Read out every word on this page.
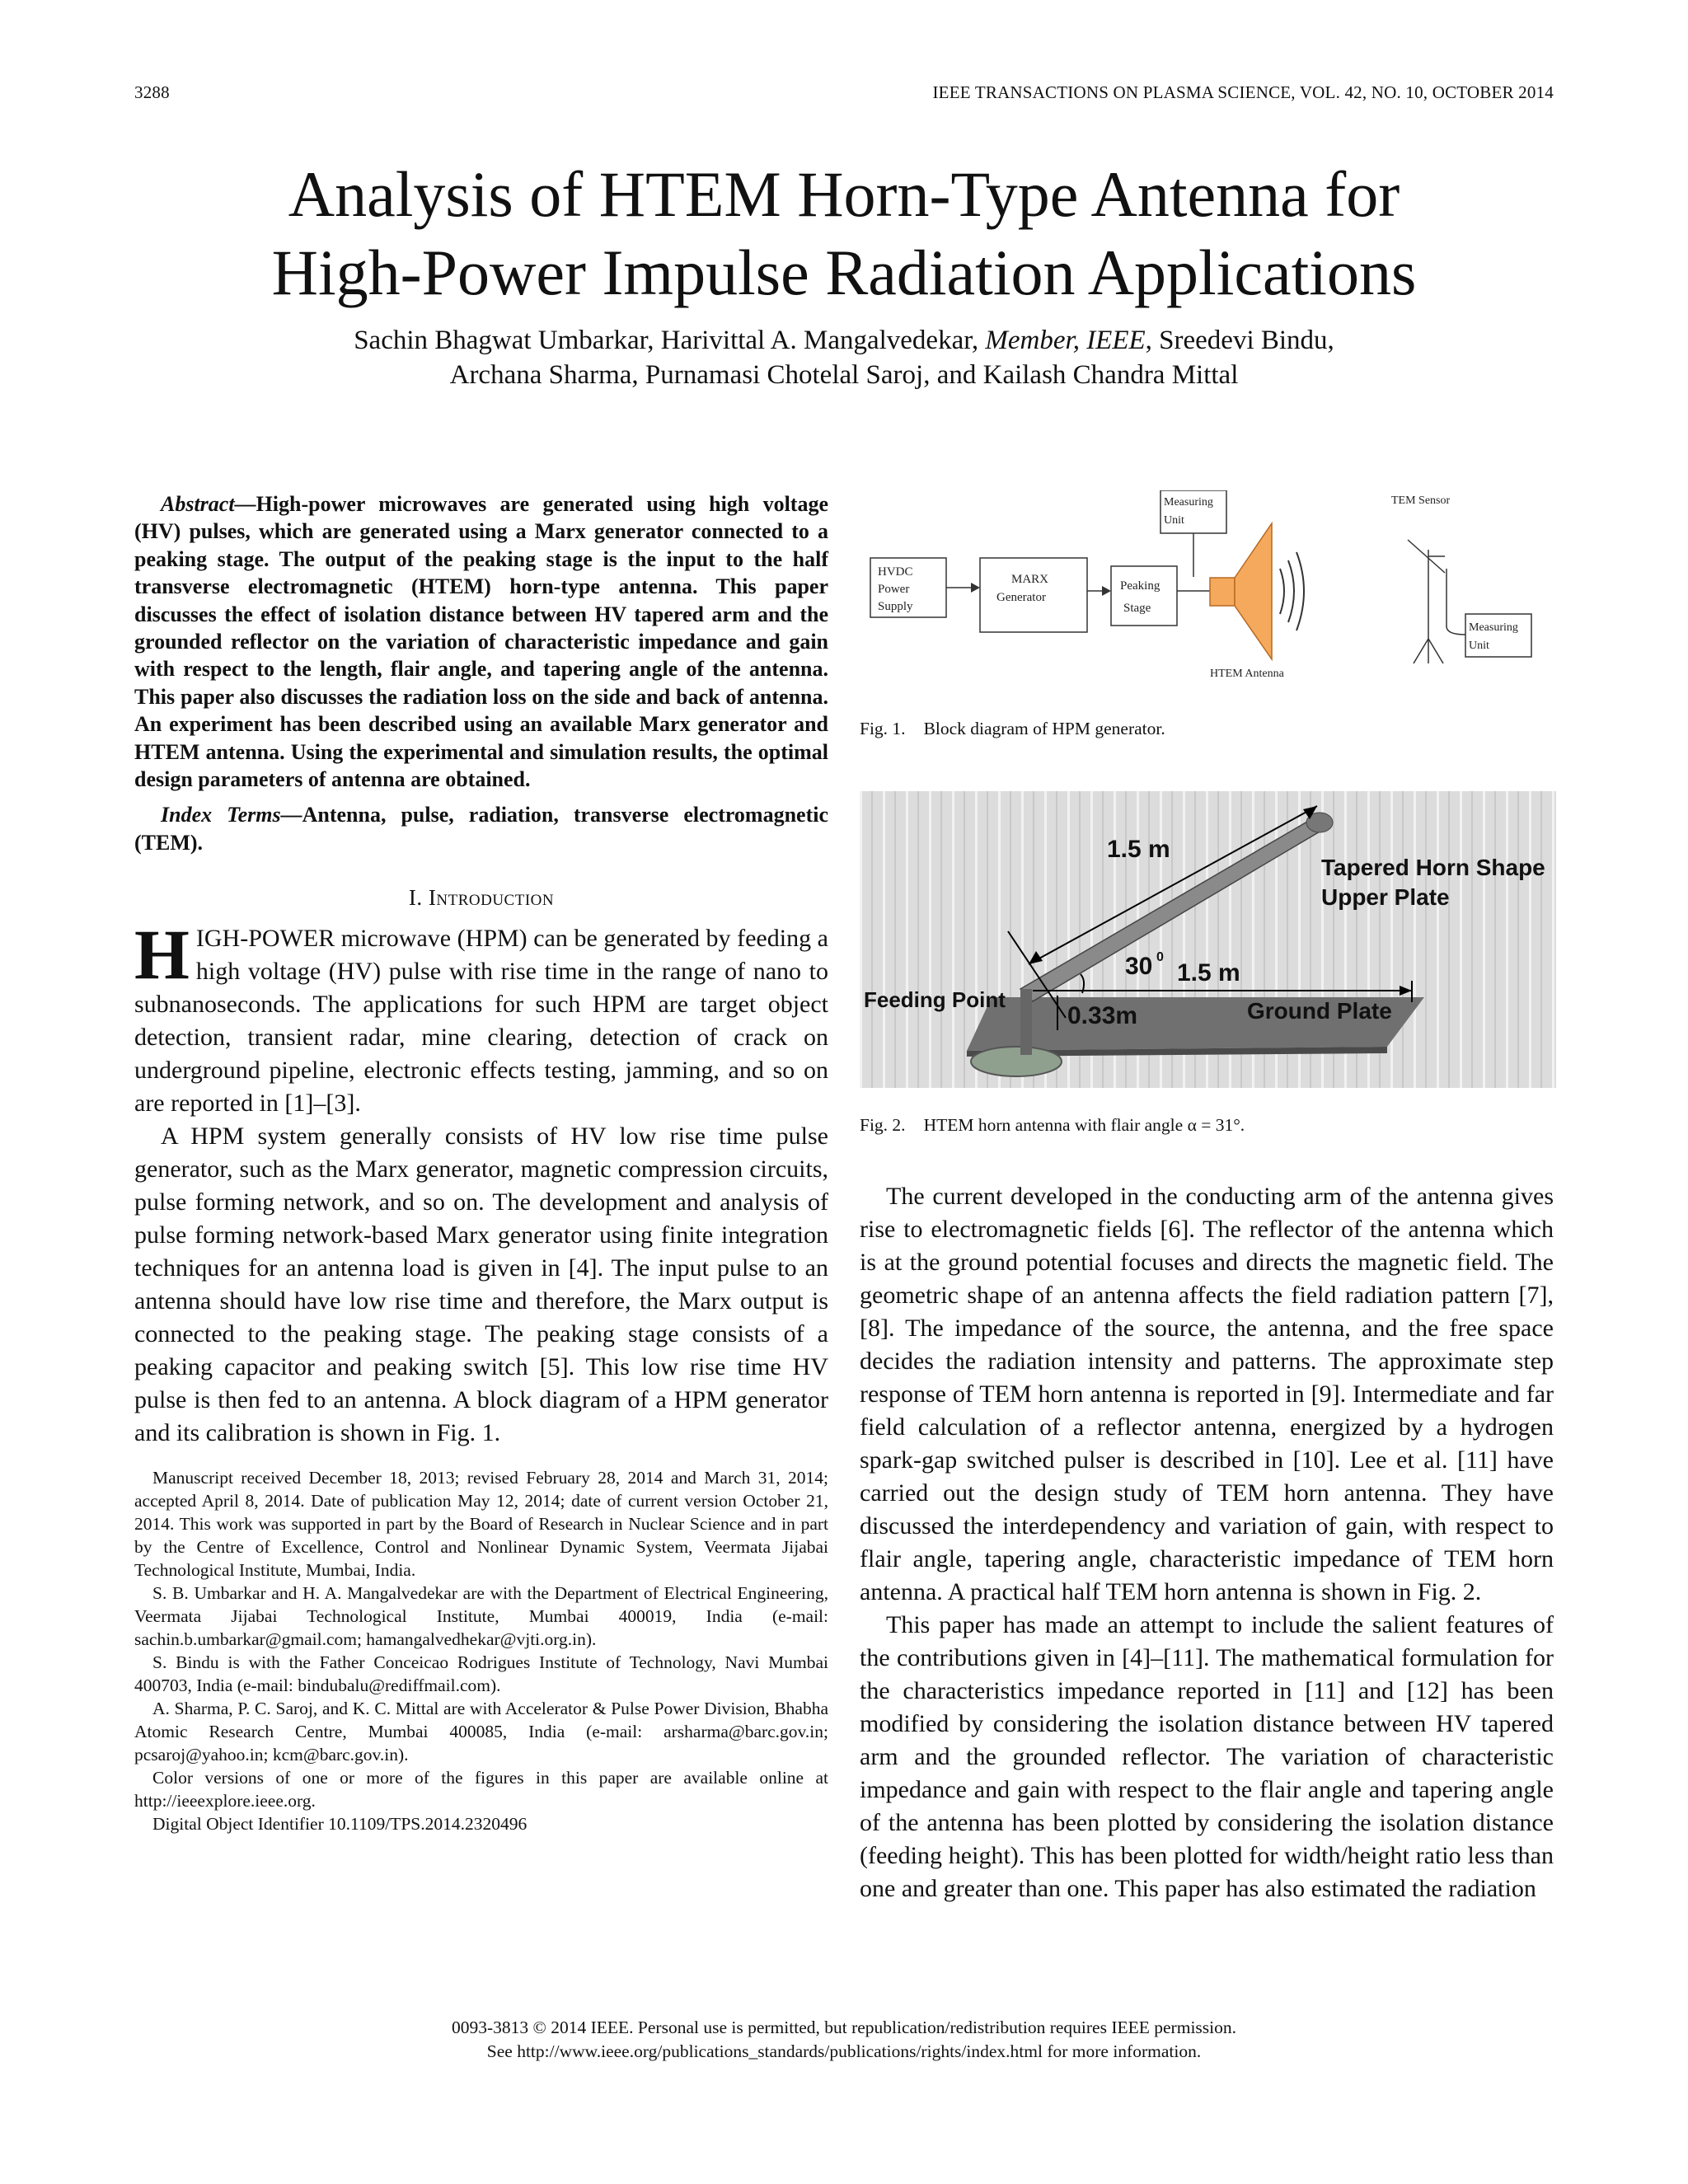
3288	IEEE TRANSACTIONS ON PLASMA SCIENCE, VOL. 42, NO. 10, OCTOBER 2014
Analysis of HTEM Horn-Type Antenna for
High-Power Impulse Radiation Applications
Sachin Bhagwat Umbarkar, Harivittal A. Mangalvedekar, Member, IEEE, Sreedevi Bindu,
Archana Sharma, Purnamasi Chotelal Saroj, and Kailash Chandra Mittal

Abstract—High-power microwaves are generated using high voltage (HV) pulses, which are generated using a Marx generator connected to a peaking stage. The output of the peaking stage is the input to the half transverse electromagnetic (HTEM) horn-type antenna. This paper discusses the effect of isolation distance between HV tapered arm and the grounded reflector on the variation of characteristic impedance and gain with respect to the length, flair angle, and tapering angle of the antenna. This paper also discusses the radiation loss on the side and back of antenna. An experiment has been described using an available Marx generator and HTEM antenna. Using the experimental and simulation results, the optimal design parameters of antenna are obtained.

Index Terms—Antenna, pulse, radiation, transverse electromagnetic (TEM).

I. Introduction

HIGH-POWER microwave (HPM) can be generated by feeding a high voltage (HV) pulse with rise time in the range of nano to subnanoseconds. The applications for such HPM are target object detection, transient radar, mine clearing, detection of crack on underground pipeline, electronic effects testing, jamming, and so on are reported in [1]–[3].

A HPM system generally consists of HV low rise time pulse generator, such as the Marx generator, magnetic compression circuits, pulse forming network, and so on. The development and analysis of pulse forming network-based Marx generator using finite integration techniques for an antenna load is given in [4]. The input pulse to an antenna should have low rise time and therefore, the Marx output is connected to the peaking stage. The peaking stage consists of a peaking capacitor and peaking switch [5]. This low rise time HV pulse is then fed to an antenna. A block diagram of a HPM generator and its calibration is shown in Fig. 1.

Manuscript received December 18, 2013; revised February 28, 2014 and March 31, 2014; accepted April 8, 2014. Date of publication May 12, 2014; date of current version October 21, 2014. This work was supported in part by the Board of Research in Nuclear Science and in part by the Centre of Excellence, Control and Nonlinear Dynamic System, Veermata Jijabai Technological Institute, Mumbai, India.

S. B. Umbarkar and H. A. Mangalvedekar are with the Department of Electrical Engineering, Veermata Jijabai Technological Institute, Mumbai 400019, India (e-mail: sachin.b.umbarkar@gmail.com; hamangalvedhekar@vjti.org.in).

S. Bindu is with the Father Conceicao Rodrigues Institute of Technology, Navi Mumbai 400703, India (e-mail: bindubalu@rediffmail.com).

A. Sharma, P. C. Saroj, and K. C. Mittal are with Accelerator & Pulse Power Division, Bhabha Atomic Research Centre, Mumbai 400085, India (e-mail: arsharma@barc.gov.in; pcsaroj@yahoo.in; kcm@barc.gov.in).

Color versions of one or more of the figures in this paper are available online at http://ieeexplore.ieee.org.

Digital Object Identifier 10.1109/TPS.2014.2320496

HVDC
Power
Supply
MARX
Generator
Peaking
Stage
Measuring
Unit
HTEM Antenna
TEM Sensor
Measuring
Unit
Fig. 1. Block diagram of HPM generator.
1.5 m
Tapered Horn Shape
Upper Plate
30 0
1.5 m
Feeding Point
0.33m	Ground Plate
Fig. 2. HTEM horn antenna with flair angle α = 31°.

The current developed in the conducting arm of the antenna gives rise to electromagnetic fields [6]. The reflector of the antenna which is at the ground potential focuses and directs the magnetic field. The geometric shape of an antenna affects the field radiation pattern [7], [8]. The impedance of the source, the antenna, and the free space decides the radiation intensity and patterns. The approximate step response of TEM horn antenna is reported in [9]. Intermediate and far field calculation of a reflector antenna, energized by a hydrogen spark-gap switched pulser is described in [10]. Lee et al. [11] have carried out the design study of TEM horn antenna. They have discussed the interdependency and variation of gain, with respect to flair angle, tapering angle, characteristic impedance of TEM horn antenna. A practical half TEM horn antenna is shown in Fig. 2.

This paper has made an attempt to include the salient features of the contributions given in [4]–[11]. The mathematical formulation for the characteristics impedance reported in [11] and [12] has been modified by considering the isolation distance between HV tapered arm and the grounded reflector. The variation of characteristic impedance and gain with respect to the flair angle and tapering angle of the antenna has been plotted by considering the isolation distance (feeding height). This has been plotted for width/height ratio less than one and greater than one. This paper has also estimated the radiation

0093-3813 © 2014 IEEE. Personal use is permitted, but republication/redistribution requires IEEE permission.
See http://www.ieee.org/publications_standards/publications/rights/index.html for more information.
